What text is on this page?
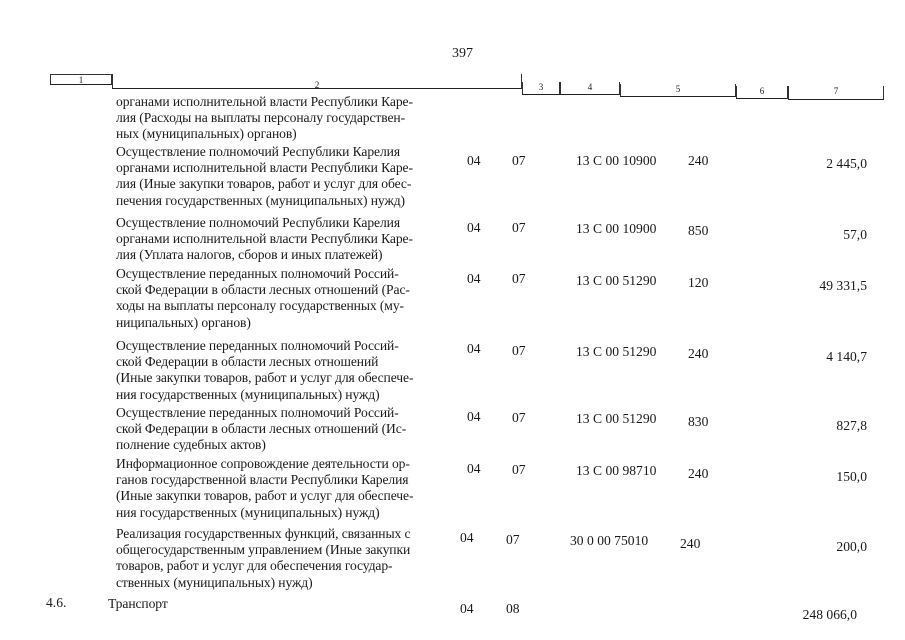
397
1	2	3	4	5	6	7
органами исполнительной власти Республики Каре-
лия (Расходы на выплаты персоналу государствен-
ных (муниципальных) органов)
Осуществление полномочий Республики Карелия
органами исполнительной власти Республики Каре-
лия (Иные закупки товаров, работ и услуг для обес-
печения государственных (муниципальных) нужд)
04 07	13 С 00 10900 240	2 445,0
Осуществление полномочий Республики Карелия
органами исполнительной власти Республики Каре-
лия (Уплата налогов, сборов и иных платежей)
04 07	13 С 00 10900 850	57,0
Осуществление переданных полномочий Россий-
ской Федерации в области лесных отношений (Рас-
ходы на выплаты персоналу государственных (му-
ниципальных) органов)
04 07	13 С 00 51290 120	49 331,5
Осуществление переданных полномочий Россий-
ской Федерации в области лесных отношений
(Иные закупки товаров, работ и услуг для обеспече-
ния государственных (муниципальных) нужд)
04 07	13 С 00 51290 240	4 140,7
Осуществление переданных полномочий Россий-
ской Федерации в области лесных отношений (Ис-
полнение судебных актов)
04 07	13 С 00 51290 830	827,8
Информационное сопровождение деятельности ор-
ганов государственной власти Республики Карелия
(Иные закупки товаров, работ и услуг для обеспече-
ния государственных (муниципальных) нужд)
04 07	13 С 00 98710 240	150,0
Реализация государственных функций, связанных с
общегосударственным управлением (Иные закупки
товаров, работ и услуг для обеспечения государ-
ственных (муниципальных) нужд)
04 07	30 0 00 75010 240	200,0
4.6.	Транспорт	04 08	248 066,0
